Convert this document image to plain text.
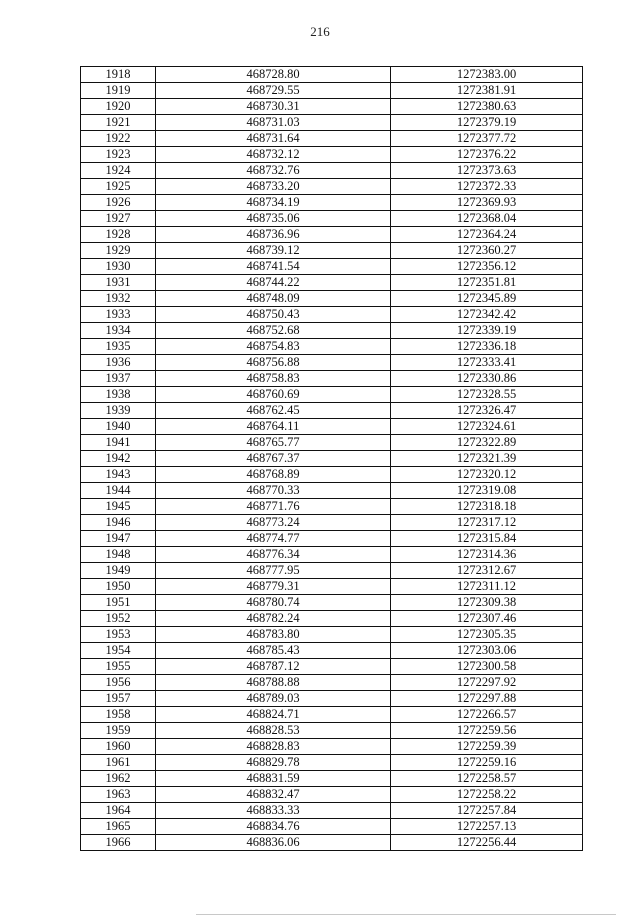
216
1918	468728.80	1272383.00
1919	468729.55	1272381.91
1920	468730.31	1272380.63
1921	468731.03	1272379.19
1922	468731.64	1272377.72
1923	468732.12	1272376.22
1924	468732.76	1272373.63
1925	468733.20	1272372.33
1926	468734.19	1272369.93
1927	468735.06	1272368.04
1928	468736.96	1272364.24
1929	468739.12	1272360.27
1930	468741.54	1272356.12
1931	468744.22	1272351.81
1932	468748.09	1272345.89
1933	468750.43	1272342.42
1934	468752.68	1272339.19
1935	468754.83	1272336.18
1936	468756.88	1272333.41
1937	468758.83	1272330.86
1938	468760.69	1272328.55
1939	468762.45	1272326.47
1940	468764.11	1272324.61
1941	468765.77	1272322.89
1942	468767.37	1272321.39
1943	468768.89	1272320.12
1944	468770.33	1272319.08
1945	468771.76	1272318.18
1946	468773.24	1272317.12
1947	468774.77	1272315.84
1948	468776.34	1272314.36
1949	468777.95	1272312.67
1950	468779.31	1272311.12
1951	468780.74	1272309.38
1952	468782.24	1272307.46
1953	468783.80	1272305.35
1954	468785.43	1272303.06
1955	468787.12	1272300.58
1956	468788.88	1272297.92
1957	468789.03	1272297.88
1958	468824.71	1272266.57
1959	468828.53	1272259.56
1960	468828.83	1272259.39
1961	468829.78	1272259.16
1962	468831.59	1272258.57
1963	468832.47	1272258.22
1964	468833.33	1272257.84
1965	468834.76	1272257.13
1966	468836.06	1272256.44
